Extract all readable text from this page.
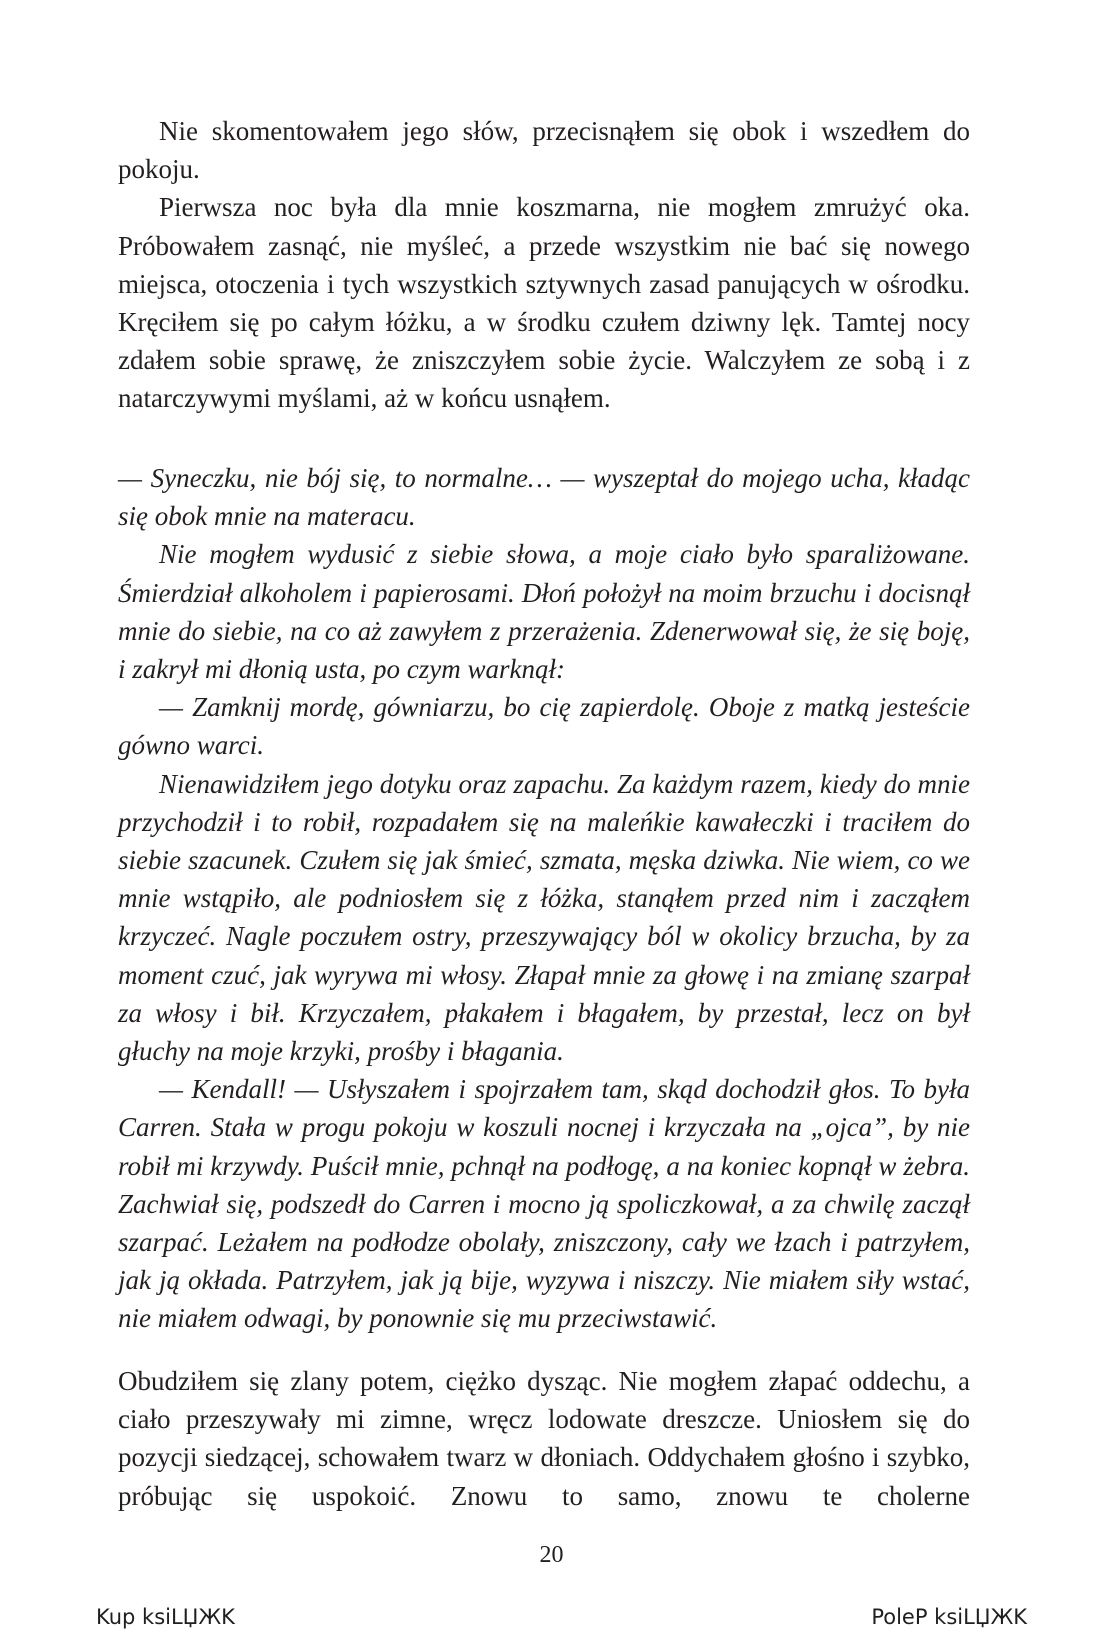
Nie skomentowałem jego słów, przecisnąłem się obok i wszedłem do pokoju.

Pierwsza noc była dla mnie koszmarna, nie mogłem zmrużyć oka. Próbowałem zasnąć, nie myśleć, a przede wszystkim nie bać się nowego miejsca, otoczenia i tych wszystkich sztywnych zasad panujących w ośrodku. Kręciłem się po całym łóżku, a w środku czułem dziwny lęk. Tamtej nocy zdałem sobie sprawę, że zniszczyłem sobie życie. Walczyłem ze sobą i z natarczywymi myślami, aż w końcu usnąłem.

— Syneczku, nie bój się, to normalne… — wyszeptał do mojego ucha, kładąc się obok mnie na materacu.

Nie mogłem wydusić z siebie słowa, a moje ciało było sparaliżowane. Śmierdział alkoholem i papierosami. Dłoń położył na moim brzuchu i docisnął mnie do siebie, na co aż zawyłem z przerażenia. Zdenerwował się, że się boję, i zakrył mi dłonią usta, po czym warknął:

— Zamknij mordę, gówniarzu, bo cię zapierdolę. Oboje z matką jesteście gówno warci.

Nienawidziłem jego dotyku oraz zapachu. Za każdym razem, kiedy do mnie przychodził i to robił, rozpadałem się na maleńkie kawałeczki i traciłem do siebie szacunek. Czułem się jak śmieć, szmata, męska dziwka. Nie wiem, co we mnie wstąpiło, ale podniosłem się z łóżka, stanąłem przed nim i zacząłem krzyczeć. Nagle poczułem ostry, przeszywający ból w okolicy brzucha, by za moment czuć, jak wyrywa mi włosy. Złapał mnie za głowę i na zmianę szarpał za włosy i bił. Krzyczałem, płakałem i błagałem, by przestał, lecz on był głuchy na moje krzyki, prośby i błagania.

— Kendall! — Usłyszałem i spojrzałem tam, skąd dochodził głos. To była Carren. Stała w progu pokoju w koszuli nocnej i krzyczała na „ojca”, by nie robił mi krzywdy. Puścił mnie, pchnął na podłogę, a na koniec kopnął w żebra. Zachwiał się, podszedł do Carren i mocno ją spoliczkował, a za chwilę zaczął szarpać. Leżałem na podłodze obolały, zniszczony, cały we łzach i patrzyłem, jak ją okłada. Patrzyłem, jak ją bije, wyzywa i niszczy. Nie miałem siły wstać, nie miałem odwagi, by ponownie się mu przeciwstawić.

Obudziłem się zlany potem, ciężko dysząc. Nie mogłem złapać oddechu, a ciało przeszywały mi zimne, wręcz lodowate dreszcze. Uniosłem się do pozycji siedzącej, schowałem twarz w dłoniach. Oddychałem głośno i szybko, próbując się uspokoić. Znowu to samo, znowu te cholerne

20
Kup ksiLЏЖK	PoleP ksiLЏЖK
